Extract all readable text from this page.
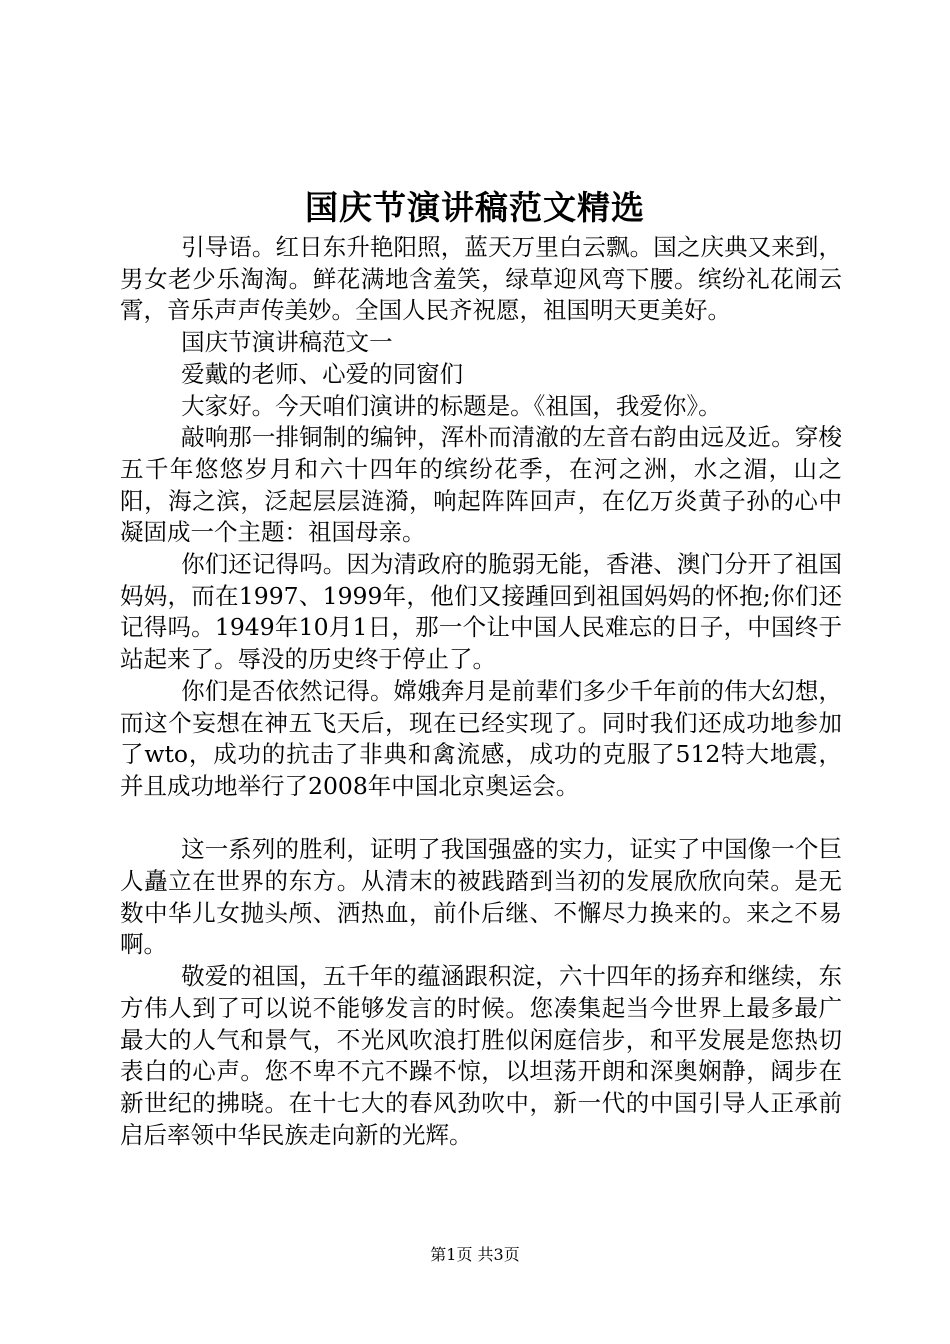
国庆节演讲稿范文精选

引导语。红日东升艳阳照，蓝天万里白云飘。国之庆典又来到，男女老少乐淘淘。鲜花满地含羞笑，绿草迎风弯下腰。缤纷礼花闹云霄，音乐声声传美妙。全国人民齐祝愿，祖国明天更美好。

国庆节演讲稿范文一

爱戴的老师、心爱的同窗们

大家好。今天咱们演讲的标题是。《祖国，我爱你》。

敲响那一排铜制的编钟，浑朴而清澈的左音右韵由远及近。穿梭五千年悠悠岁月和六十四年的缤纷花季，在河之洲，水之湄，山之阳，海之滨，泛起层层涟漪，响起阵阵回声，在亿万炎黄子孙的心中凝固成一个主题：祖国母亲。

你们还记得吗。因为清政府的脆弱无能，香港、澳门分开了祖国妈妈，而在1997、1999年，他们又接踵回到祖国妈妈的怀抱;你们还记得吗。1949年10月1日，那一个让中国人民难忘的日子，中国终于站起来了。辱没的历史终于停止了。

你们是否依然记得。嫦娥奔月是前辈们多少千年前的伟大幻想，而这个妄想在神五飞天后，现在已经实现了。同时我们还成功地参加了wto，成功的抗击了非典和禽流感，成功的克服了512特大地震，并且成功地举行了2008年中国北京奥运会。

这一系列的胜利，证明了我国强盛的实力，证实了中国像一个巨人矗立在世界的东方。从清末的被践踏到当初的发展欣欣向荣。是无数中华儿女抛头颅、洒热血，前仆后继、不懈尽力换来的。来之不易啊。

敬爱的祖国，五千年的蕴涵跟积淀，六十四年的扬弃和继续，东方伟人到了可以说不能够发言的时候。您凑集起当今世界上最多最广最大的人气和景气，不光风吹浪打胜似闲庭信步，和平发展是您热切表白的心声。您不卑不亢不躁不惊，以坦荡开朗和深奥娴静，阔步在新世纪的拂晓。在十七大的春风劲吹中，新一代的中国引导人正承前启后率领中华民族走向新的光辉。

第1页 共3页
